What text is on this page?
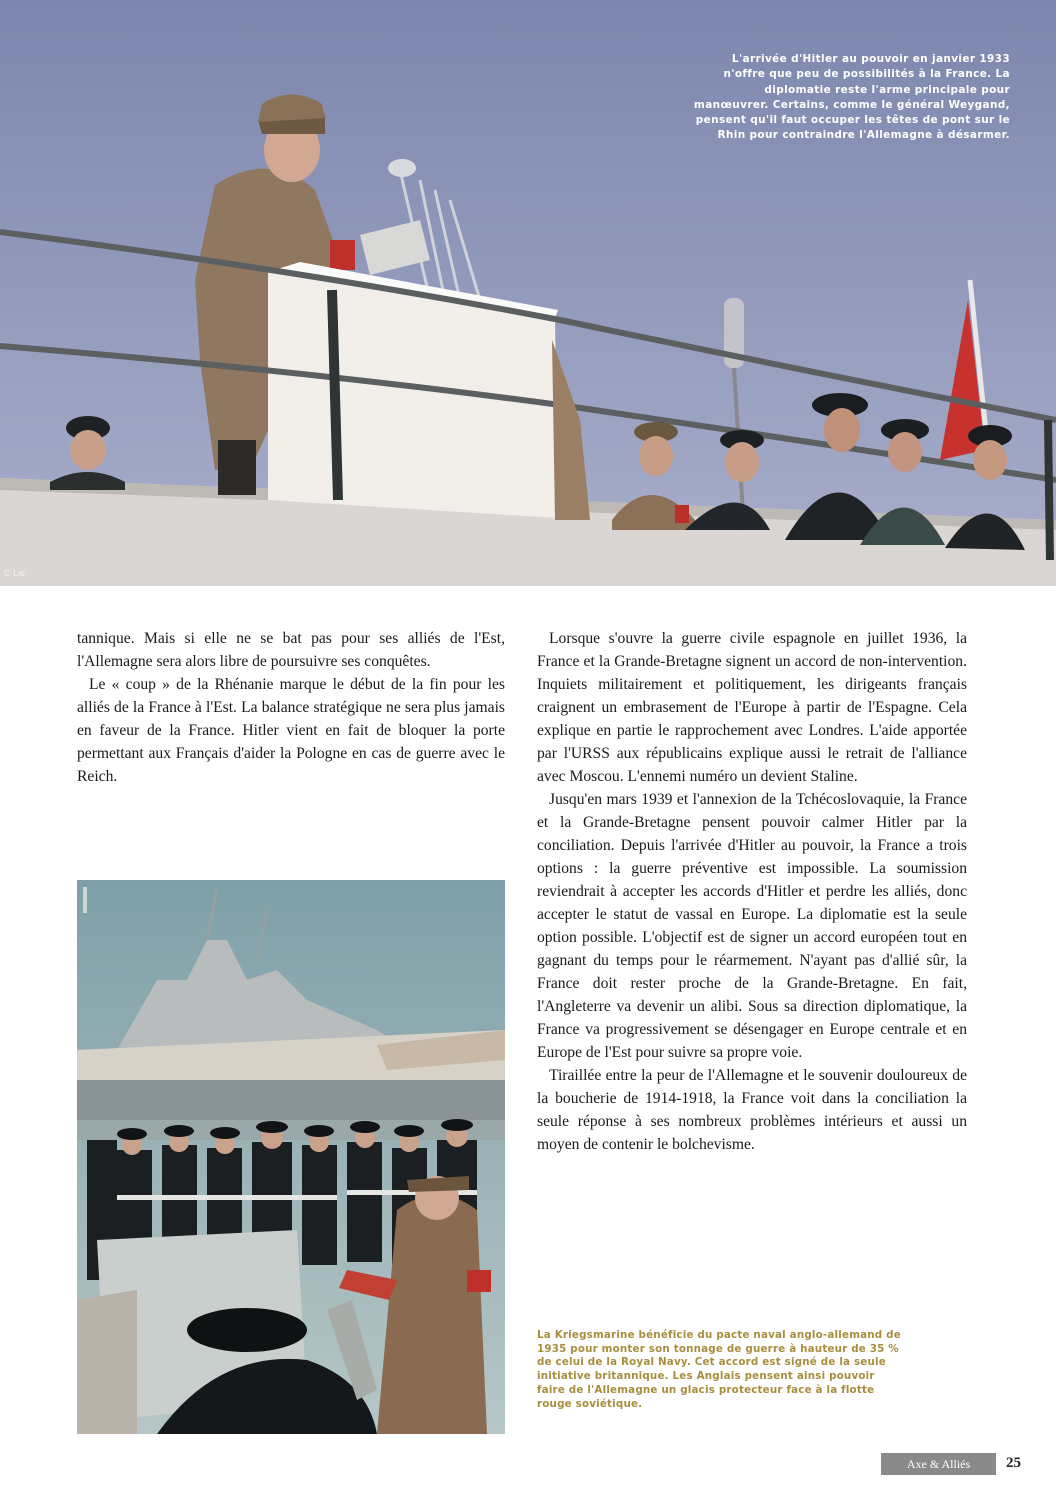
© Lie
L'arrivée d'Hitler au pouvoir en janvier 1933 n'offre que peu de possibilités à la France. La diplomatie reste l'arme principale pour manœuvrer. Certains, comme le général Weygand, pensent qu'il faut occuper les têtes de pont sur le Rhin pour contraindre l'Allemagne à désarmer.

tannique. Mais si elle ne se bat pas pour ses alliés de l'Est, l'Allemagne sera alors libre de poursuivre ses conquêtes.

Le « coup » de la Rhénanie marque le début de la fin pour les alliés de la France à l'Est. La balance stratégique ne sera plus jamais en faveur de la France. Hitler vient en fait de bloquer la porte permettant aux Français d'aider la Pologne en cas de guerre avec le Reich.

Lorsque s'ouvre la guerre civile espagnole en juillet 1936, la France et la Grande-Bretagne signent un accord de non-intervention. Inquiets militairement et politiquement, les dirigeants français craignent un embrasement de l'Europe à partir de l'Espagne. Cela explique en partie le rapprochement avec Londres. L'aide apportée par l'URSS aux républicains explique aussi le retrait de l'alliance avec Moscou. L'ennemi numéro un devient Staline.

Jusqu'en mars 1939 et l'annexion de la Tchécoslovaquie, la France et la Grande-Bretagne pensent pouvoir calmer Hitler par la conciliation. Depuis l'arrivée d'Hitler au pouvoir, la France a trois options : la guerre préventive est impossible. La soumission reviendrait à accepter les accords d'Hitler et perdre les alliés, donc accepter le statut de vassal en Europe. La diplomatie est la seule option possible. L'objectif est de signer un accord européen tout en gagnant du temps pour le réarmement. N'ayant pas d'allié sûr, la France doit rester proche de la Grande-Bretagne. En fait, l'Angleterre va devenir un alibi. Sous sa direction diplomatique, la France va progressivement se désengager en Europe centrale et en Europe de l'Est pour suivre sa propre voie.

Tiraillée entre la peur de l'Allemagne et le souvenir douloureux de la boucherie de 1914-1918, la France voit dans la conciliation la seule réponse à ses nombreux problèmes intérieurs et aussi un moyen de contenir le bolchevisme.

La Kriegsmarine bénéficie du pacte naval anglo-allemand de 1935 pour monter son tonnage de guerre à hauteur de 35 % de celui de la Royal Navy. Cet accord est signé de la seule initiative britannique. Les Anglais pensent ainsi pouvoir faire de l'Allemagne un glacis protecteur face à la flotte rouge soviétique.
Axe & Alliés	25
